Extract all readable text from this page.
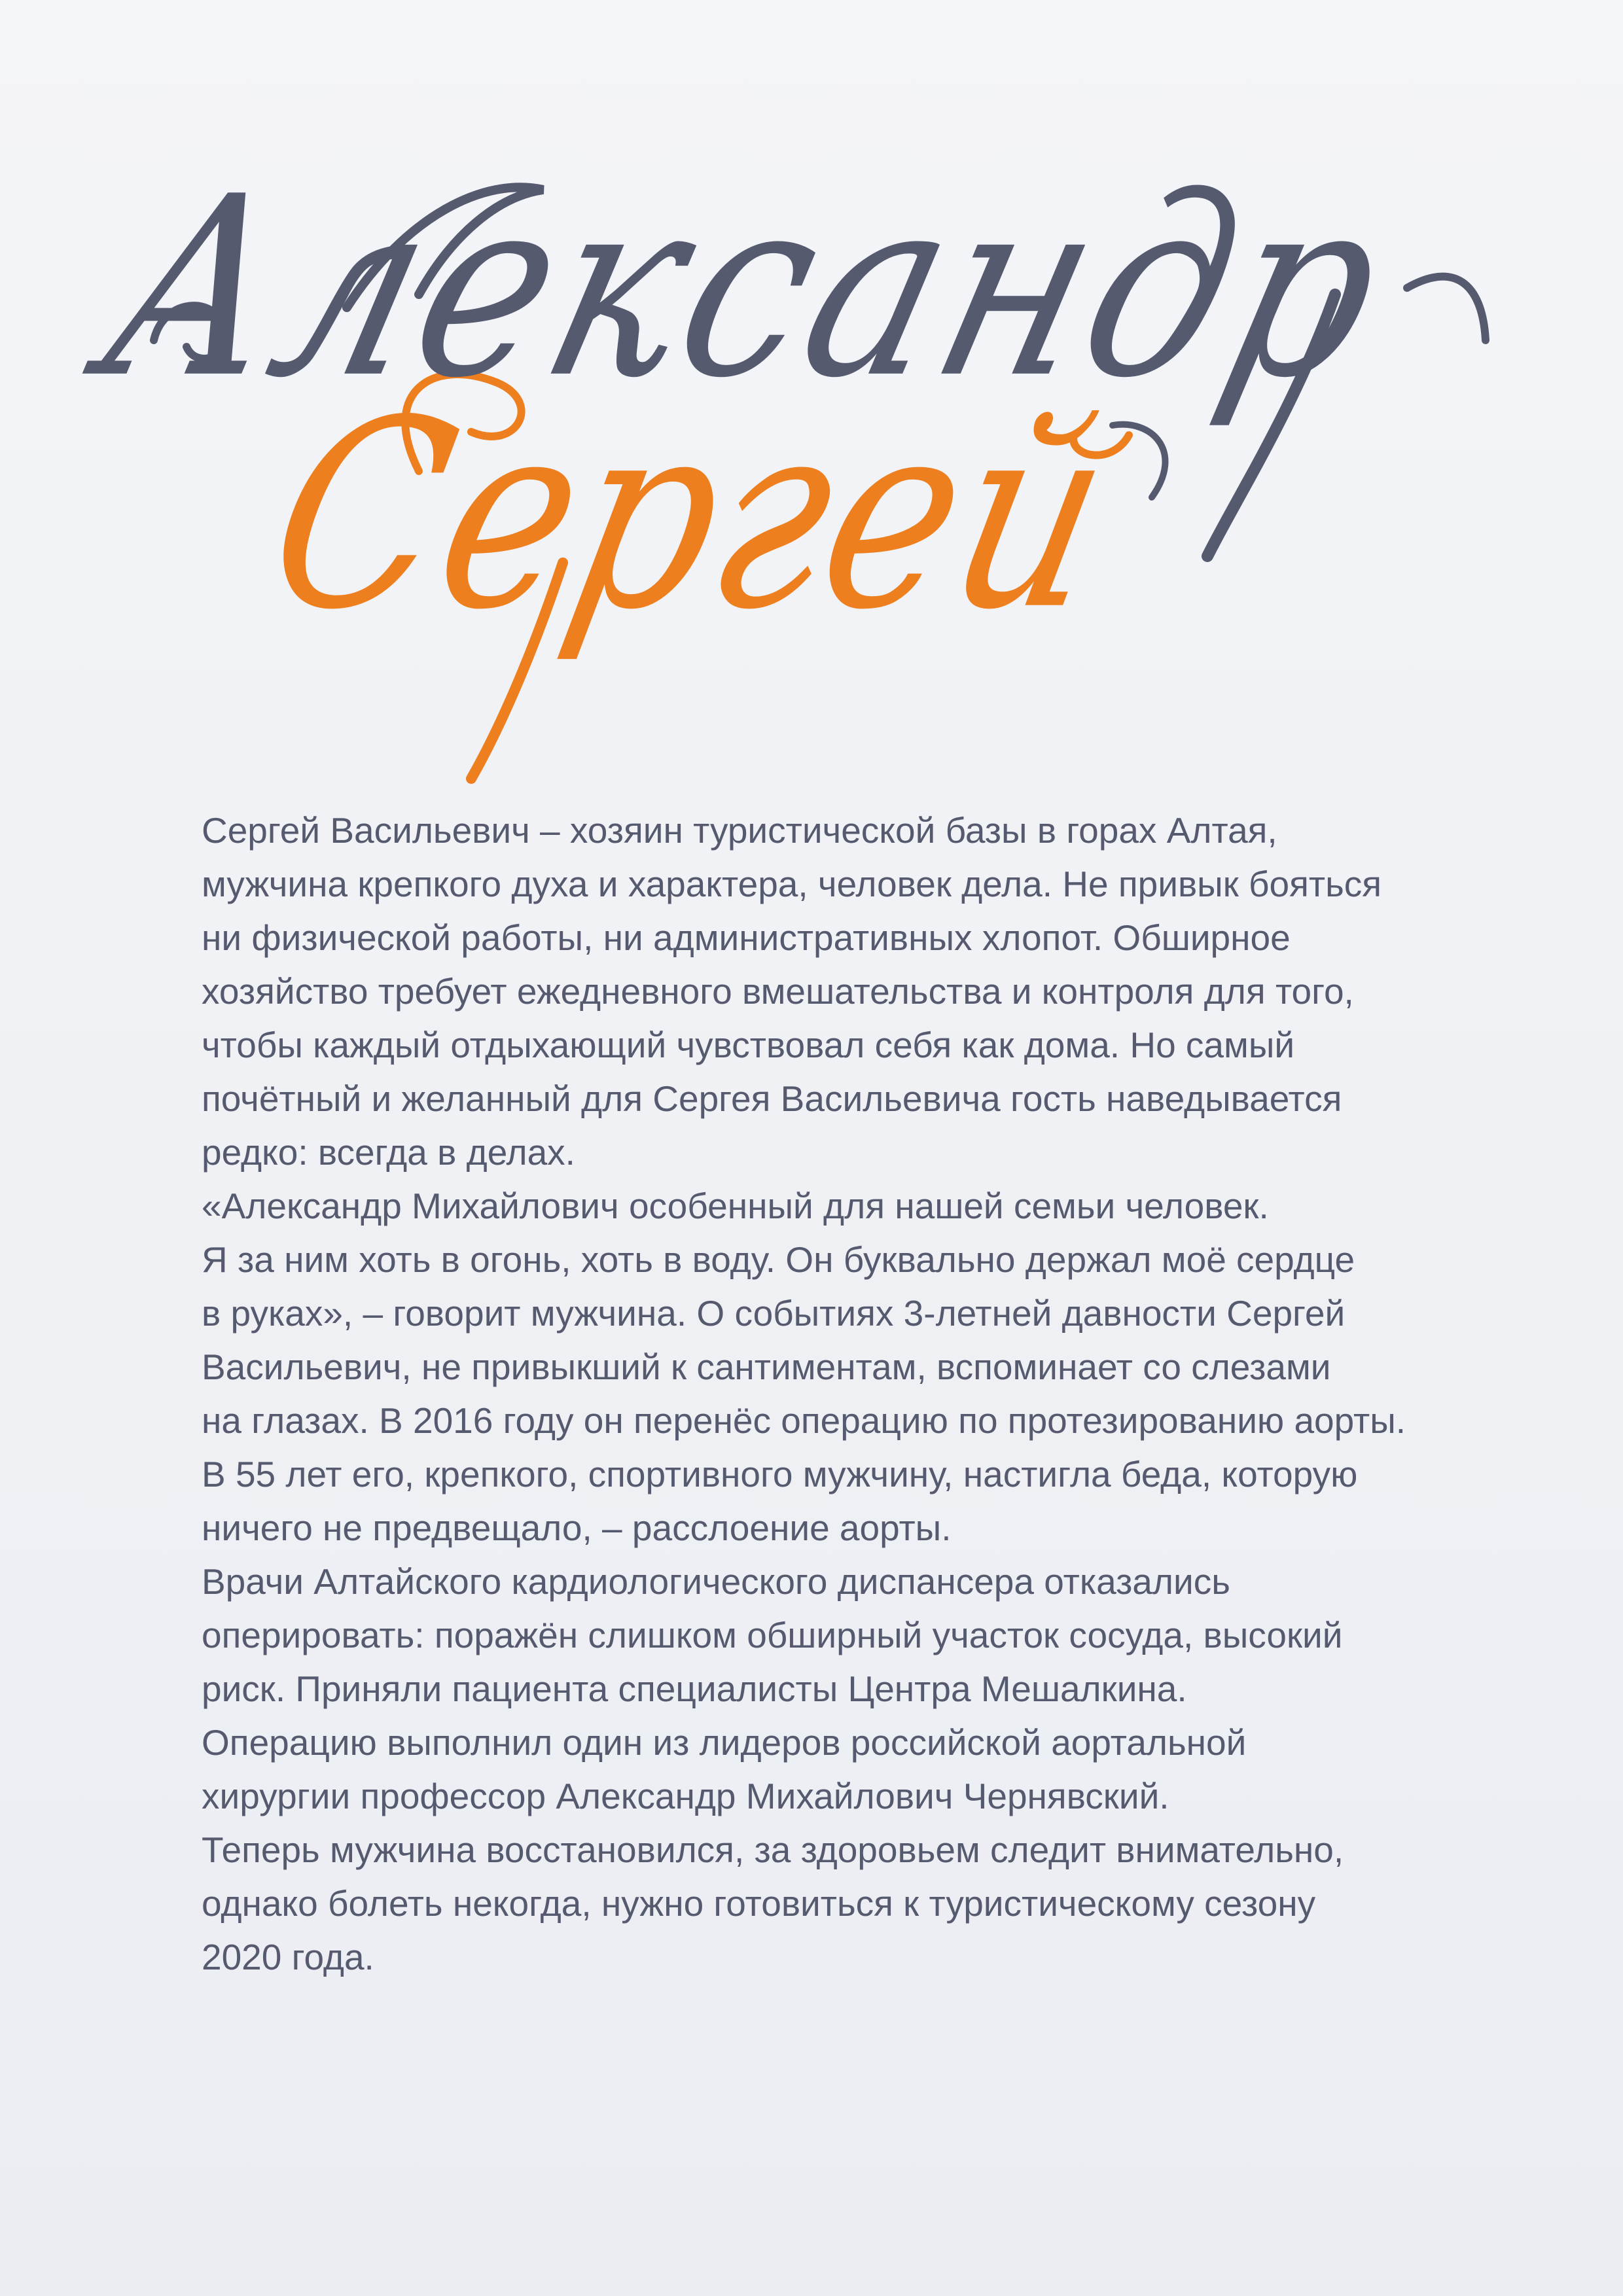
Александр
Сергей
Сергей Васильевич – хозяин туристической базы в горах Алтая,
мужчина крепкого духа и характера, человек дела. Не привык бояться
ни физической работы, ни административных хлопот. Обширное
хозяйство требует ежедневного вмешательства и контроля для того,
чтобы каждый отдыхающий чувствовал себя как дома. Но самый
почётный и желанный для Сергея Васильевича гость наведывается
редко: всегда в делах.
«Александр Михайлович особенный для нашей семьи человек.
Я за ним хоть в огонь, хоть в воду. Он буквально держал моё сердце
в руках», – говорит мужчина. О событиях 3-летней давности Сергей
Васильевич, не привыкший к сантиментам, вспоминает со слезами
на глазах. В 2016 году он перенёс операцию по протезированию аорты.
В 55 лет его, крепкого, спортивного мужчину, настигла беда, которую
ничего не предвещало, – расслоение аорты.
Врачи Алтайского кардиологического диспансера отказались
оперировать: поражён слишком обширный участок сосуда, высокий
риск. Приняли пациента специалисты Центра Мешалкина.
Операцию выполнил один из лидеров российской аортальной
хирургии профессор Александр Михайлович Чернявский.
Теперь мужчина восстановился, за здоровьем следит внимательно,
однако болеть некогда, нужно готовиться к туристическому сезону
2020 года.
